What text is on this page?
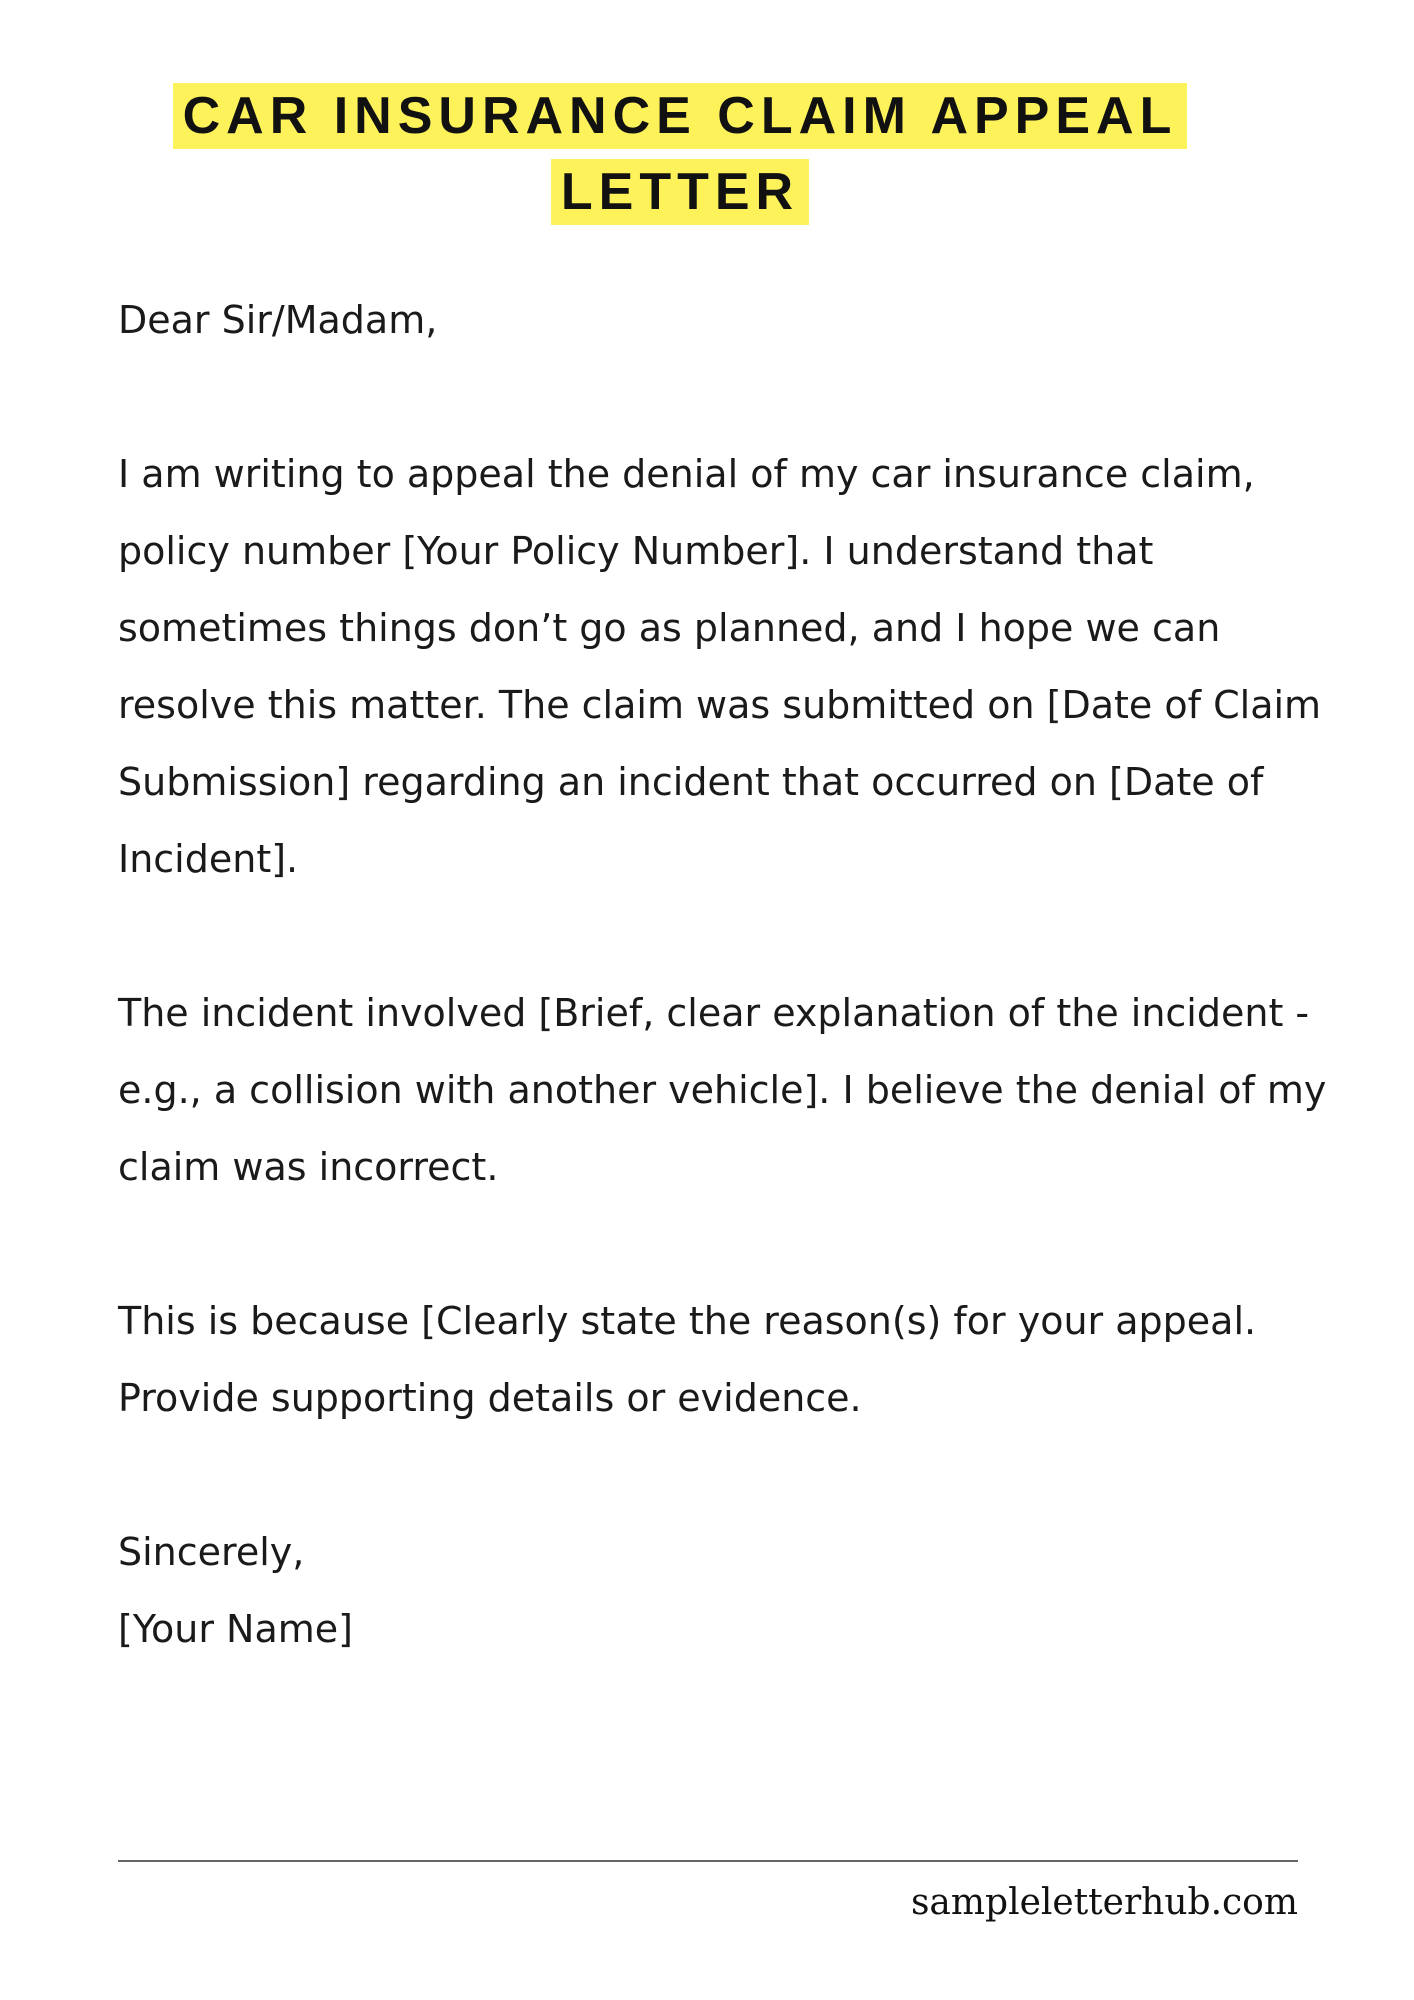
CAR INSURANCE CLAIM APPEAL LETTER

Dear Sir/Madam,

I am writing to appeal the denial of my car insurance claim, policy number [Your Policy Number]. I understand that sometimes things don’t go as planned, and I hope we can resolve this matter. The claim was submitted on [Date of Claim Submission] regarding an incident that occurred on [Date of Incident].

The incident involved [Brief, clear explanation of the incident - e.g., a collision with another vehicle]. I believe the denial of my claim was incorrect.

This is because [Clearly state the reason(s) for your appeal. Provide supporting details or evidence.

Sincerely,

[Your Name]

sampleletterhub.com
